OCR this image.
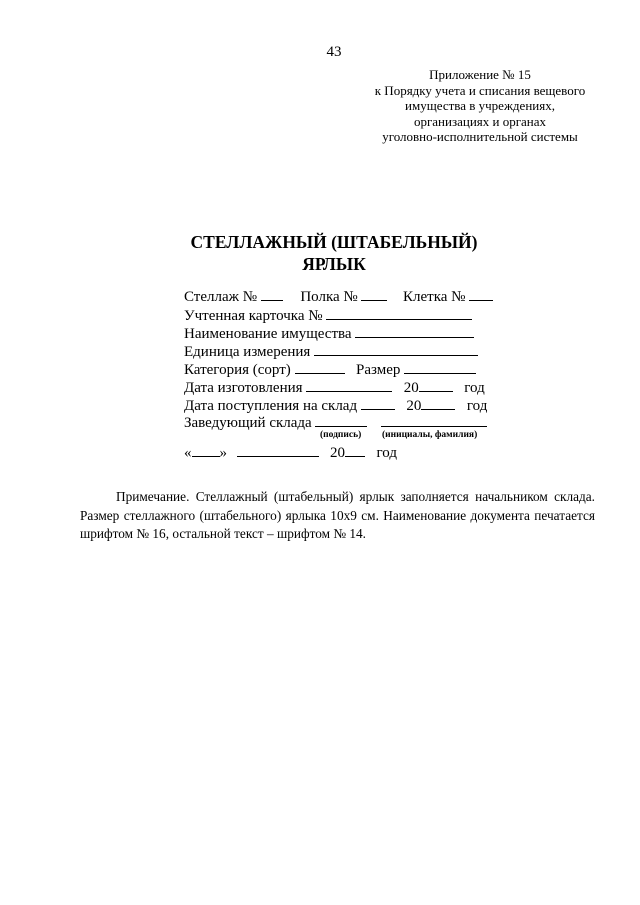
43
Приложение № 15
к Порядку учета и списания вещевого
имущества в учреждениях,
организациях и органах
уголовно-исполнительной системы
СТЕЛЛАЖНЫЙ (ШТАБЕЛЬНЫЙ)
ЯРЛЫК
Стеллаж №	Полка №	Клетка №
Учтенная карточка №
Наименование имущества
Единица измерения
Категория (сорт)	Размер
Дата изготовления	20	год
Дата поступления на склад	20	год
Заведующий склада
(подпись) (инициалы, фамилия)
« »	20 год

Примечание. Стеллажный (штабельный) ярлык заполняется начальником склада. Размер стеллажного (штабельного) ярлыка 10х9 см. Наименование документа печатается шрифтом № 16, остальной текст – шрифтом № 14.
